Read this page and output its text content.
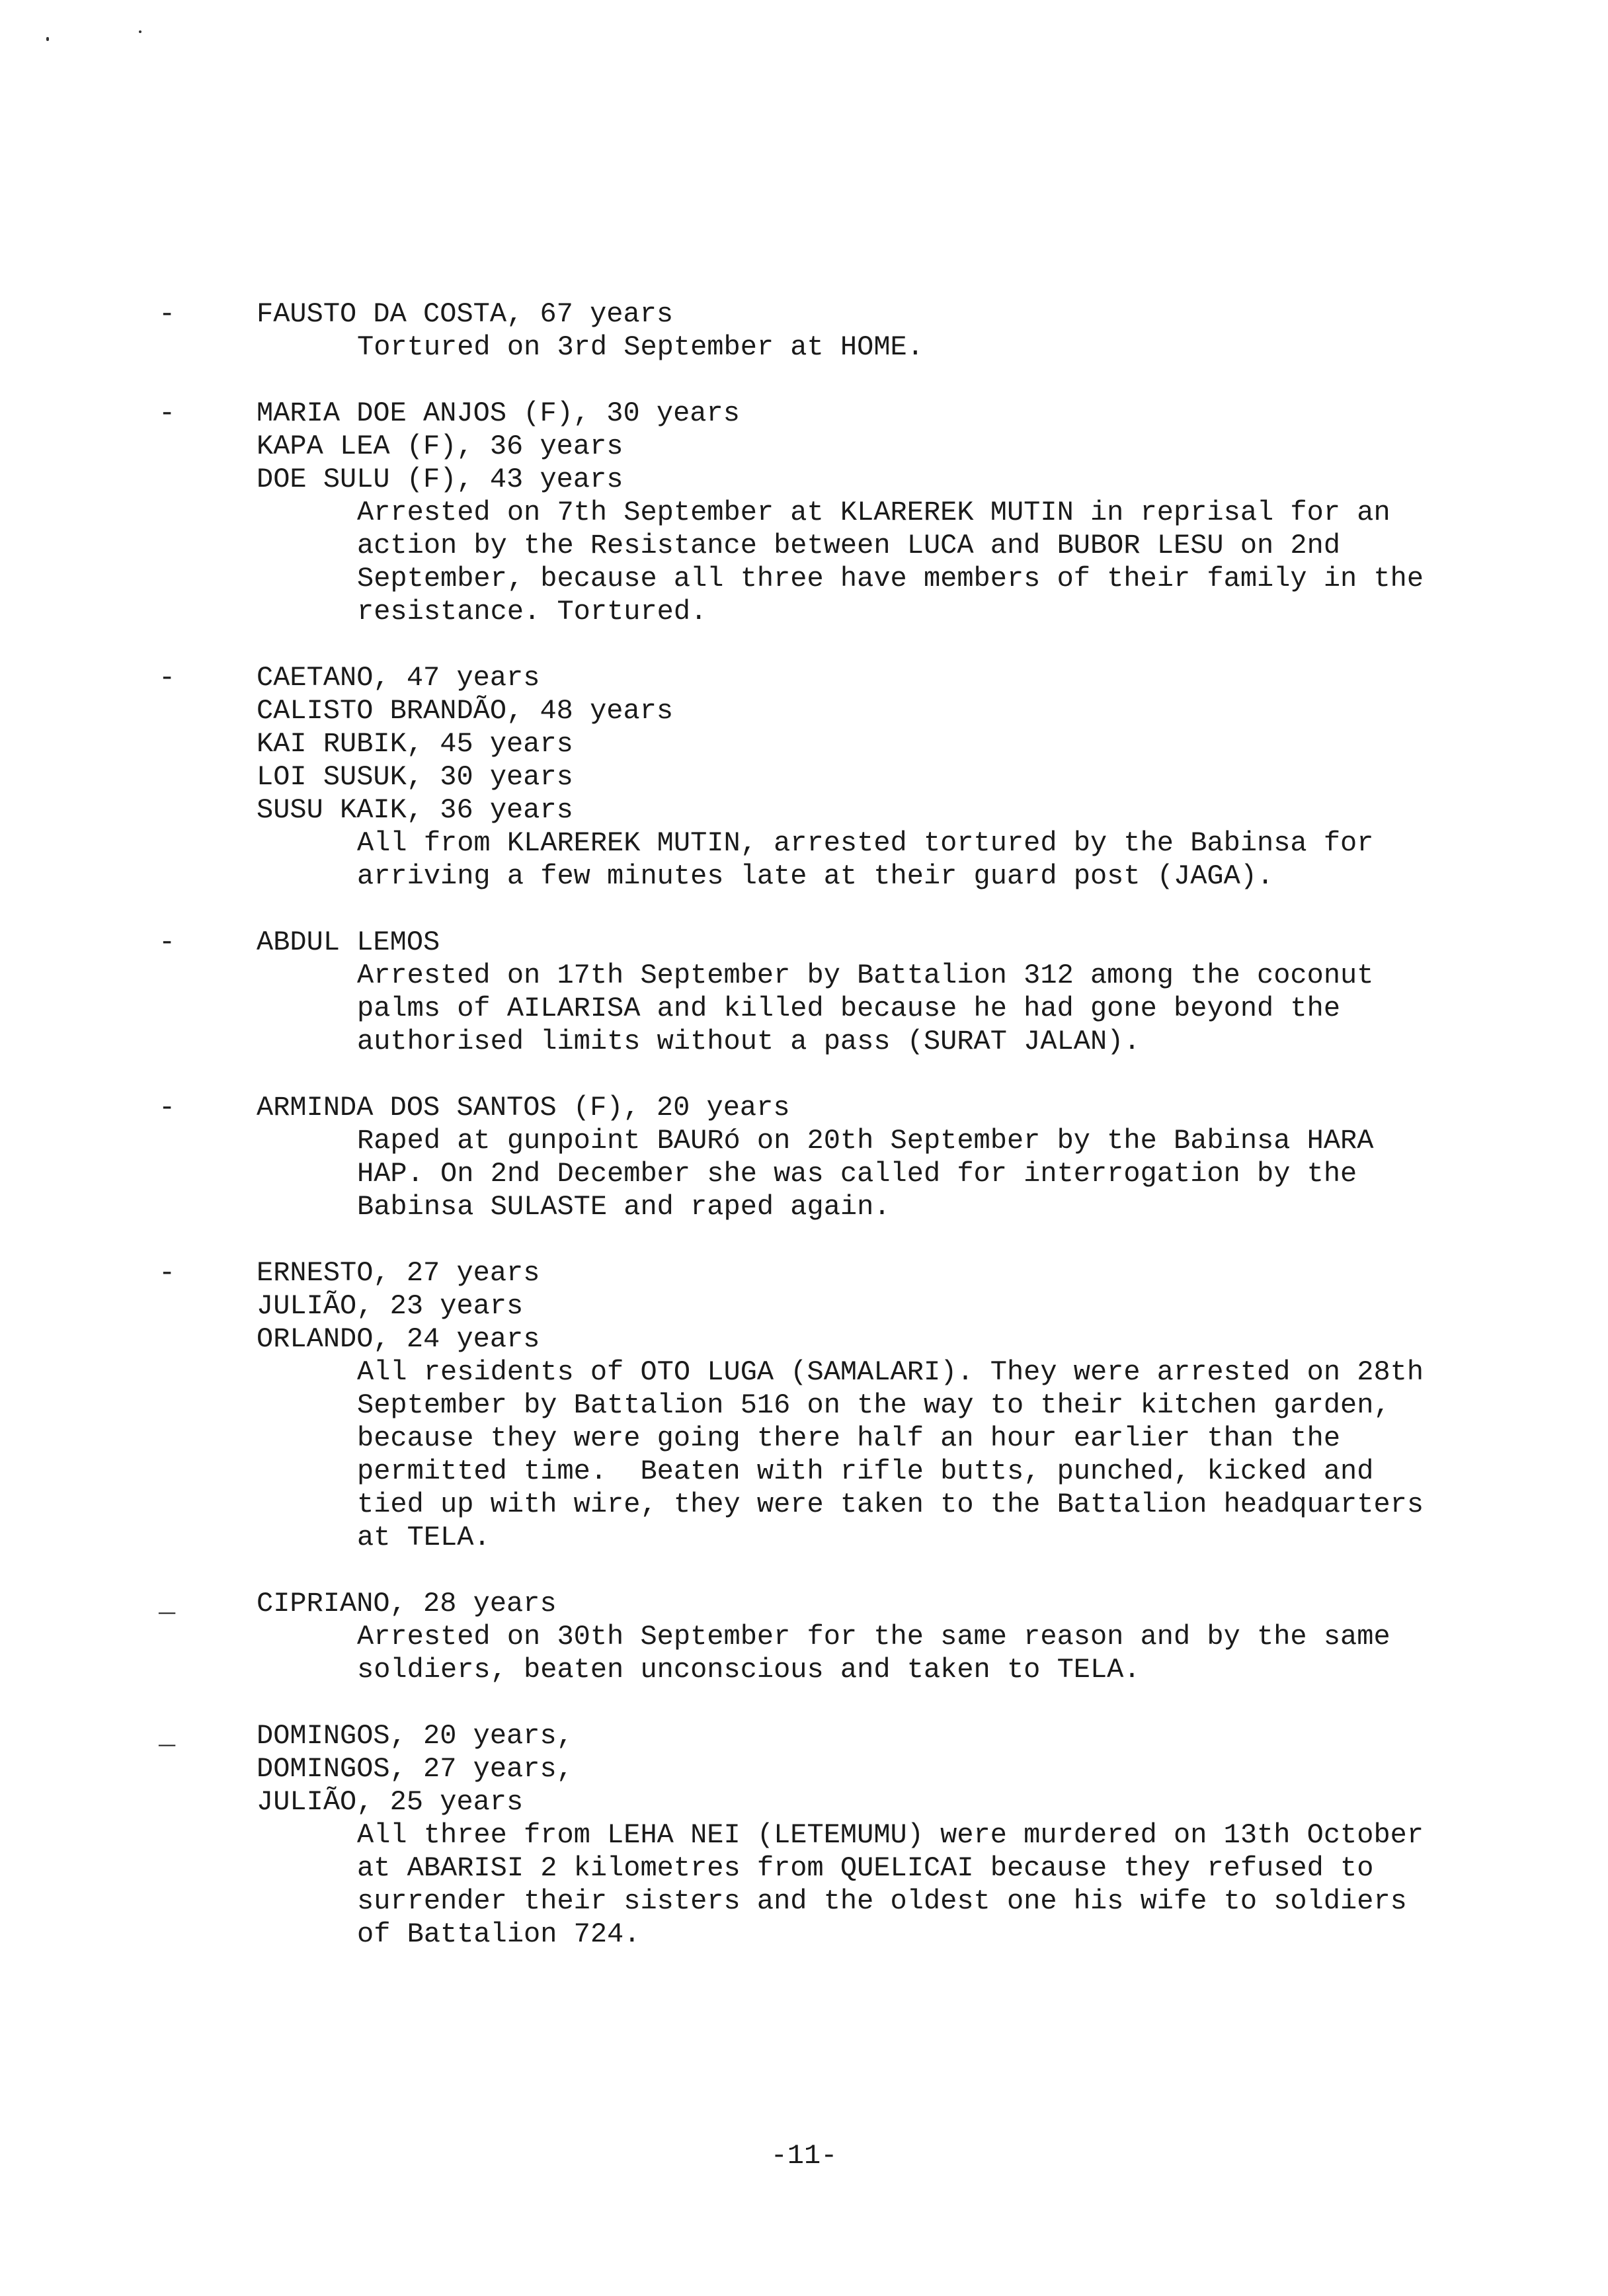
-	FAUSTO DA COSTA, 67 years
Tortured on 3rd September at HOME.
-	MARIA DOE ANJOS (F), 30 years
KAPA LEA (F), 36 years
DOE SULU (F), 43 years
Arrested on 7th September at KLAREREK MUTIN in reprisal for an
action by the Resistance between LUCA and BUBOR LESU on 2nd
September, because all three have members of their family in the
resistance. Tortured.
-	CAETANO, 47 years
CALISTO BRANDÃO, 48 years
KAI RUBIK, 45 years
LOI SUSUK, 30 years
SUSU KAIK, 36 years
All from KLAREREK MUTIN, arrested tortured by the Babinsa for
arriving a few minutes late at their guard post (JAGA).
-	ABDUL LEMOS
Arrested on 17th September by Battalion 312 among the coconut
palms of AILARISA and killed because he had gone beyond the
authorised limits without a pass (SURAT JALAN).
-	ARMINDA DOS SANTOS (F), 20 years
Raped at gunpoint BAURó on 20th September by the Babinsa HARA
HAP. On 2nd December she was called for interrogation by the
Babinsa SULASTE and raped again.
-	ERNESTO, 27 years
JULIÃO, 23 years
ORLANDO, 24 years
All residents of OTO LUGA (SAMALARI). They were arrested on 28th
September by Battalion 516 on the way to their kitchen garden,
because they were going there half an hour earlier than the
permitted time.  Beaten with rifle butts, punched, kicked and
tied up with wire, they were taken to the Battalion headquarters
at TELA.
_	CIPRIANO, 28 years
Arrested on 30th September for the same reason and by the same
soldiers, beaten unconscious and taken to TELA.
_	DOMINGOS, 20 years,
DOMINGOS, 27 years,
JULIÃO, 25 years
All three from LEHA NEI (LETEMUMU) were murdered on 13th October
at ABARISI 2 kilometres from QUELICAI because they refused to
surrender their sisters and the oldest one his wife to soldiers
of Battalion 724.
-11-
